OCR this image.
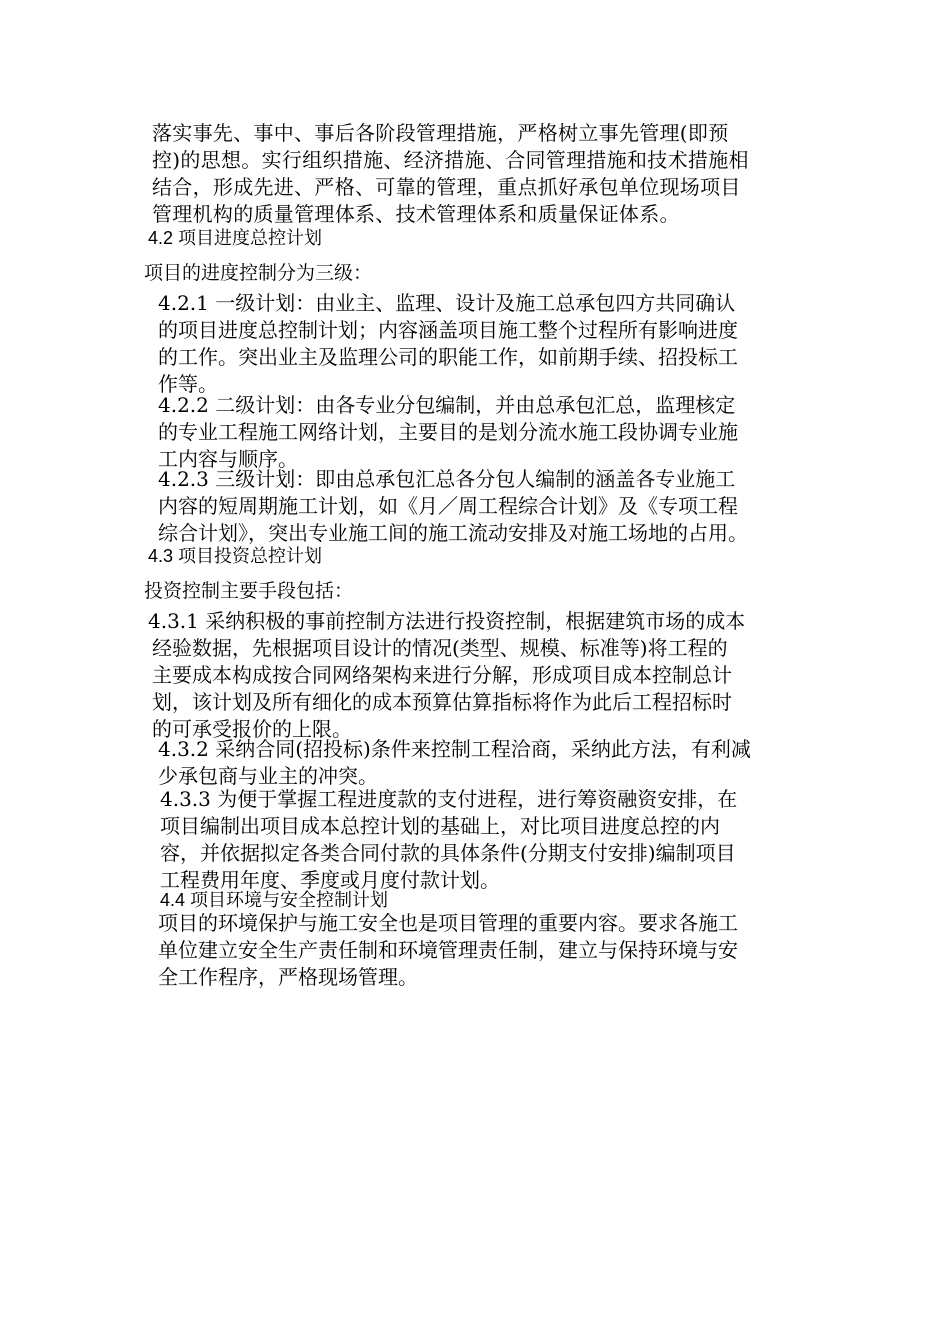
落实事先、事中、事后各阶段管理措施，严格树立事先管理(即预
控)的思想。实行组织措施、经济措施、合同管理措施和技术措施相
结合，形成先进、严格、可靠的管理，重点抓好承包单位现场项目
管理机构的质量管理体系、技术管理体系和质量保证体系。
4.2 项目进度总控计划
项目的进度控制分为三级：
4.2.1 一级计划：由业主、监理、设计及施工总承包四方共同确认
的项目进度总控制计划；内容涵盖项目施工整个过程所有影响进度
的工作。突出业主及监理公司的职能工作，如前期手续、招投标工
作等。
4.2.2 二级计划：由各专业分包编制，并由总承包汇总，监理核定
的专业工程施工网络计划，主要目的是划分流水施工段协调专业施
工内容与顺序。
4.2.3 三级计划：即由总承包汇总各分包人编制的涵盖各专业施工
内容的短周期施工计划，如《月／周工程综合计划》及《专项工程
综合计划》，突出专业施工间的施工流动安排及对施工场地的占用。
4.3 项目投资总控计划
投资控制主要手段包括：
4.3.1 采纳积极的事前控制方法进行投资控制，根据建筑市场的成本
经验数据，先根据项目设计的情况(类型、规模、标准等)将工程的
主要成本构成按合同网络架构来进行分解，形成项目成本控制总计
划，该计划及所有细化的成本预算估算指标将作为此后工程招标时
的可承受报价的上限。
4.3.2 采纳合同(招投标)条件来控制工程洽商，采纳此方法，有利减
少承包商与业主的冲突。
4.3.3 为便于掌握工程进度款的支付进程，进行筹资融资安排，在
项目编制出项目成本总控计划的基础上，对比项目进度总控的内
容，并依据拟定各类合同付款的具体条件(分期支付安排)编制项目
工程费用年度、季度或月度付款计划。
4.4 项目环境与安全控制计划
项目的环境保护与施工安全也是项目管理的重要内容。要求各施工
单位建立安全生产责任制和环境管理责任制，建立与保持环境与安
全工作程序，严格现场管理。
